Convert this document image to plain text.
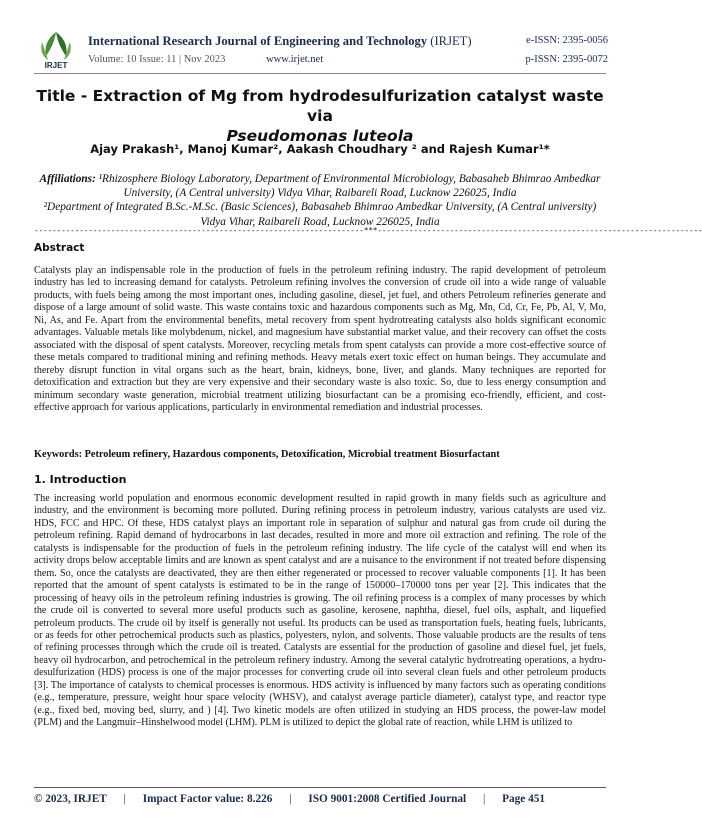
IRJET
International Research Journal of Engineering and Technology (IRJET)	e-ISSN: 2395-0056
Volume: 10 Issue: 11 | Nov 2023	www.irjet.net	p-ISSN: 2395-0072
Title - Extraction of Mg from hydrodesulfurization catalyst waste via
Pseudomonas luteola
Ajay Prakash¹, Manoj Kumar², Aakash Choudhary ² and Rajesh Kumar¹*
Affiliations: ¹Rhizosphere Biology Laboratory, Department of Environmental Microbiology, Babasaheb Bhimrao Ambedkar University, (A Central university) Vidya Vihar, Raibareli Road, Lucknow 226025, India
²Department of Integrated B.Sc.-M.Sc. (Basic Sciences), Babasaheb Bhimrao Ambedkar University, (A Central university) Vidya Vihar, Raibareli Road, Lucknow 226025, India
-------------------------------------------------------------------------***------------------------------------------------------------------------
Abstract
Catalysts play an indispensable role in the production of fuels in the petroleum refining industry. The rapid development of petroleum industry has led to increasing demand for catalysts. Petroleum refining involves the conversion of crude oil into a wide range of valuable products, with fuels being among the most important ones, including gasoline, diesel, jet fuel, and others Petroleum refineries generate and dispose of a large amount of solid waste. This waste contains toxic and hazardous components such as Mg, Mn, Cd, Cr, Fe, Pb, Al, V, Mo, Ni, As, and Fe. Apart from the environmental benefits, metal recovery from spent hydrotreating catalysts also holds significant economic advantages. Valuable metals like molybdenum, nickel, and magnesium have substantial market value, and their recovery can offset the costs associated with the disposal of spent catalysts. Moreover, recycling metals from spent catalysts can provide a more cost-effective source of these metals compared to traditional mining and refining methods. Heavy metals exert toxic effect on human beings. They accumulate and thereby disrupt function in vital organs such as the heart, brain, kidneys, bone, liver, and glands. Many techniques are reported for detoxification and extraction but they are very expensive and their secondary waste is also toxic. So, due to less energy consumption and minimum secondary waste generation, microbial treatment utilizing biosurfactant can be a promising eco-friendly, efficient, and cost-effective approach for various applications, particularly in environmental remediation and industrial processes.
Keywords: Petroleum refinery, Hazardous components, Detoxification, Microbial treatment Biosurfactant
1. Introduction
The increasing world population and enormous economic development resulted in rapid growth in many fields such as agriculture and industry, and the environment is becoming more polluted. During refining process in petroleum industry, various catalysts are used viz. HDS, FCC and HPC. Of these, HDS catalyst plays an important role in separation of sulphur and natural gas from crude oil during the petroleum refining. Rapid demand of hydrocarbons in last decades, resulted in more and more oil extraction and refining. The role of the catalysts is indispensable for the production of fuels in the petroleum refining industry. The life cycle of the catalyst will end when its activity drops below acceptable limits and are known as spent catalyst and are a nuisance to the environment if not treated before dispensing them. So, once the catalysts are deactivated, they are then either regenerated or processed to recover valuable components [1]. It has been reported that the amount of spent catalysts is estimated to be in the range of 150000–170000 tons per year [2]. This indicates that the processing of heavy oils in the petroleum refining industries is growing. The oil refining process is a complex of many processes by which the crude oil is converted to several more useful products such as gasoline, kerosene, naphtha, diesel, fuel oils, asphalt, and liquefied petroleum products. The crude oil by itself is generally not useful. Its products can be used as transportation fuels, heating fuels, lubricants, or as feeds for other petrochemical products such as plastics, polyesters, nylon, and solvents. Those valuable products are the results of tens of refining processes through which the crude oil is treated. Catalysts are essential for the production of gasoline and diesel fuel, jet fuels, heavy oil hydrocarbon, and petrochemical in the petroleum refinery industry. Among the several catalytic hydrotreating operations, a hydro-desulfurization (HDS) process is one of the major processes for converting crude oil into several clean fuels and other petroleum products [3]. The importance of catalysts to chemical processes is enormous. HDS activity is influenced by many factors such as operating conditions (e.g., temperature, pressure, weight hour space velocity (WHSV), and catalyst average particle diameter), catalyst type, and reactor type (e.g., fixed bed, moving bed, slurry, and ) [4]. Two kinetic models are often utilized in studying an HDS process, the power-law model (PLM) and the Langmuir–Hinshelwood model (LHM). PLM is utilized to depict the global rate of reaction, while LHM is utilized to
© 2023, IRJET | Impact Factor value: 8.226 | ISO 9001:2008 Certified Journal | Page 451
